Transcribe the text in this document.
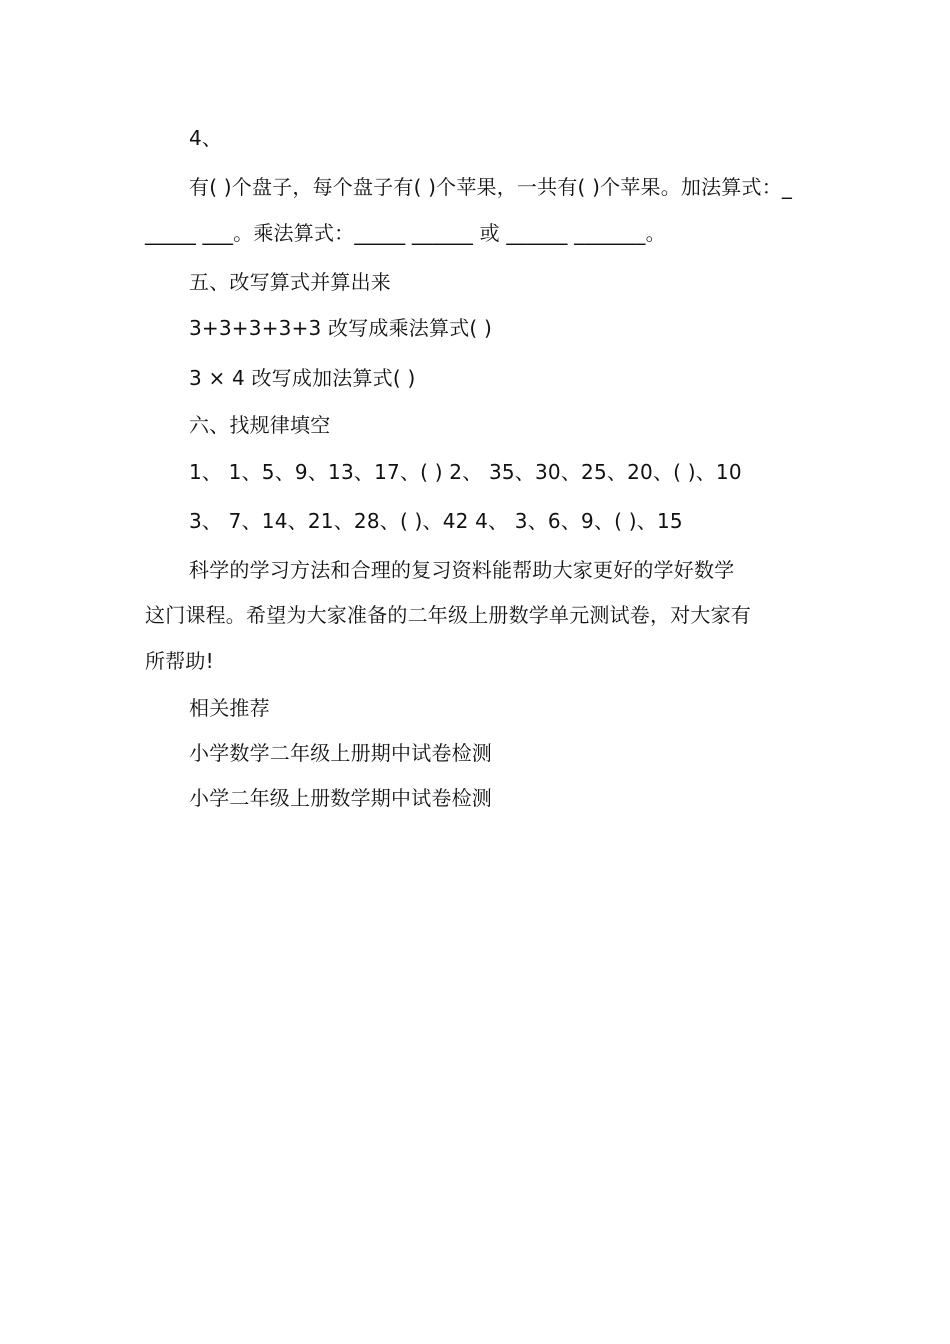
4、
有( )个盘子，每个盘子有( )个苹果，一共有( )个苹果。加法算式：_
_____ ___。乘法算式：_____ ______ 或 ______ _______。
五、改写算式并算出来
3+3+3+3+3 改写成乘法算式( )
3 × 4 改写成加法算式( )
六、找规律填空
1、 1、5、9、13、17、( ) 2、 35、30、25、20、( )、10
3、 7、14、21、28、( )、42 4、 3、6、9、( )、15
科学的学习方法和合理的复习资料能帮助大家更好的学好数学
这门课程。希望为大家准备的二年级上册数学单元测试卷，对大家有
所帮助!
相关推荐
小学数学二年级上册期中试卷检测
小学二年级上册数学期中试卷检测
